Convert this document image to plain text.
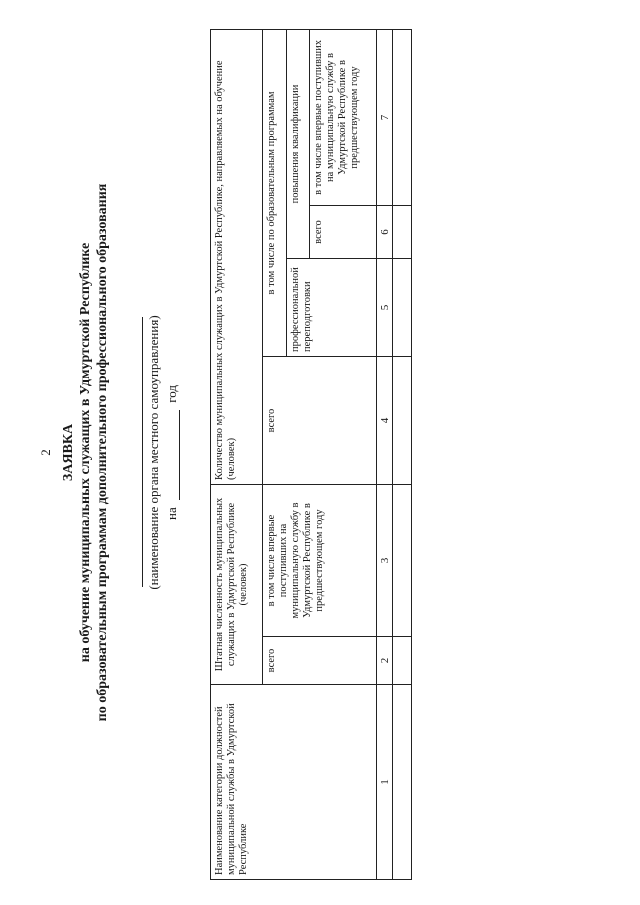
2 ЗАЯВКА на обучение муниципальных служащих в Удмуртской Республике по образовательным программам дополнительного профессионального образования	(наименование органа местного самоуправления) на  год
Наименование категории должностей муниципальной службы в Удмуртской Республике	Штатная численность муниципальных служащих в Удмуртской Республике (человек)		Количество муниципальных служащих в Удмуртской Республике, направляемых на обучение (человек)			
	всего	в том числе впервые поступивших на муниципальную службу в Удмуртской Республике в предшествующем году	всего	в том числе по образовательным программам		
				профессиональной переподготовки	повышения квалификации	
					всего	в том числе впервые поступивших на муниципальную службу в Удмуртской Республике в предшествующем году
1	2	3	4	5	6	7
